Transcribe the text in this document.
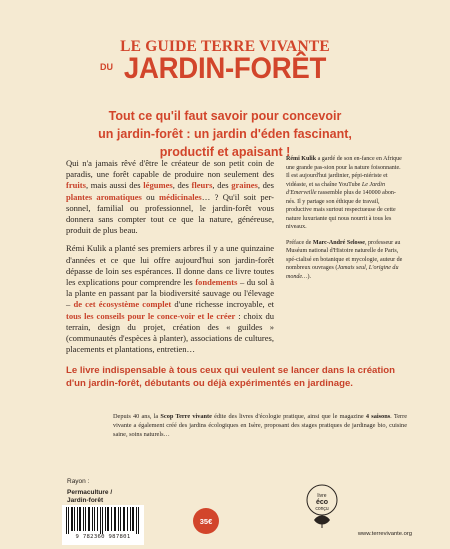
LE GUIDE TERRE VIVANTE
DU JARDIN-FORÊT
Tout ce qu'il faut savoir pour concevoir
un jardin-forêt : un jardin d'éden fascinant,
productif et apaisant !

Qui n'a jamais rêvé d'être le créateur de son petit coin de paradis, une forêt capable de produire non seulement des fruits, mais aussi des légumes, des fleurs, des graines, des plantes aromatiques ou médicinales… ? Qu'il soit per-sonnel, familial ou professionnel, le jardin-forêt vous donnera sans compter tout ce que la nature, généreuse, produit de plus beau.

Rémi Kulik a planté ses premiers arbres il y a une quinzaine d'années et ce que lui offre aujourd'hui son jardin-forêt dépasse de loin ses espérances. Il donne dans ce livre toutes les explications pour comprendre les fondements – du sol à la plante en passant par la biodiversité sauvage ou l'élevage – de cet écosystème complet d'une richesse incroyable, et tous les conseils pour le conce-voir et le créer : choix du terrain, design du projet, création des « guildes » (communautés d'espèces à planter), associations de cultures, placements et plantations, entretien…

Rémi Kulik a gardé de son en-fance en Afrique une grande pas-sion pour la nature foisonnante. Il est aujourd'hui jardinier, pépi-niériste et vidéaste, et sa chaîne YouTube Le Jardin d'Emerveille rassemble plus de 140000 abon-nés. Il y partage son éthique de travail, productive mais surtout respectueuse de cette nature luxuriante qui nous nourrit à tous les niveaux.

Préface de Marc-André Selosse, professeur au Muséum national d'Histoire naturelle de Paris, spé-cialisé en botanique et mycologie, auteur de nombreux ouvrages (Jamais seul, L'origine du monde…).

Le livre indispensable à tous ceux qui veulent se lancer dans la création d'un jardin-forêt, débutants ou déjà expérimentés en jardinage.
Depuis 40 ans, la Scop Terre vivante édite des livres d'écologie pratique, ainsi que le magazine 4 saisons. Terre vivante a également créé des jardins écologiques en Isère, proposant des stages pratiques de jardinage bio, cuisine saine, soins naturels…
Rayon :
Permaculture /
Jardin-forêt
9 782360 987801
35€
livre
éco
conçu
www.terrevivante.org
